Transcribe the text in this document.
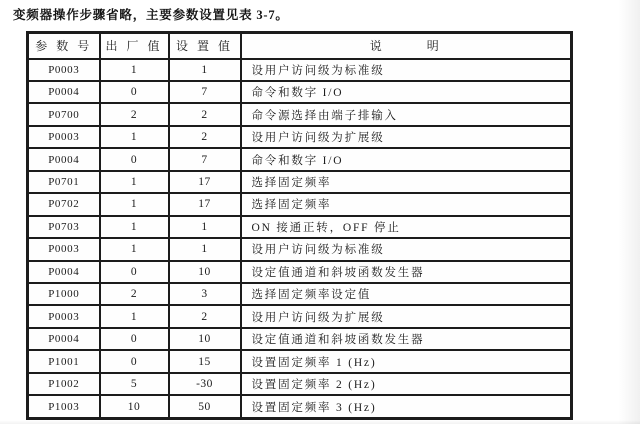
变频器操作步骤省略，主要参数设置见表 3-7。
参 数 号	出 厂 值	设 置 值	说       明
P0003	1	1	设用户访问级为标准级
P0004	0	7	命令和数字 I/O
P0700	2	2	命令源选择由端子排输入
P0003	1	2	设用户访问级为扩展级
P0004	0	7	命令和数字 I/O
P0701	1	17	选择固定频率
P0702	1	17	选择固定频率
P0703	1	1	ON 接通正转，OFF 停止
P0003	1	1	设用户访问级为标准级
P0004	0	10	设定值通道和斜坡函数发生器
P1000	2	3	选择固定频率设定值
P0003	1	2	设用户访问级为扩展级
P0004	0	10	设定值通道和斜坡函数发生器
P1001	0	15	设置固定频率 1 (Hz)
P1002	5	-30	设置固定频率 2 (Hz)
P1003	10	50	设置固定频率 3 (Hz)
